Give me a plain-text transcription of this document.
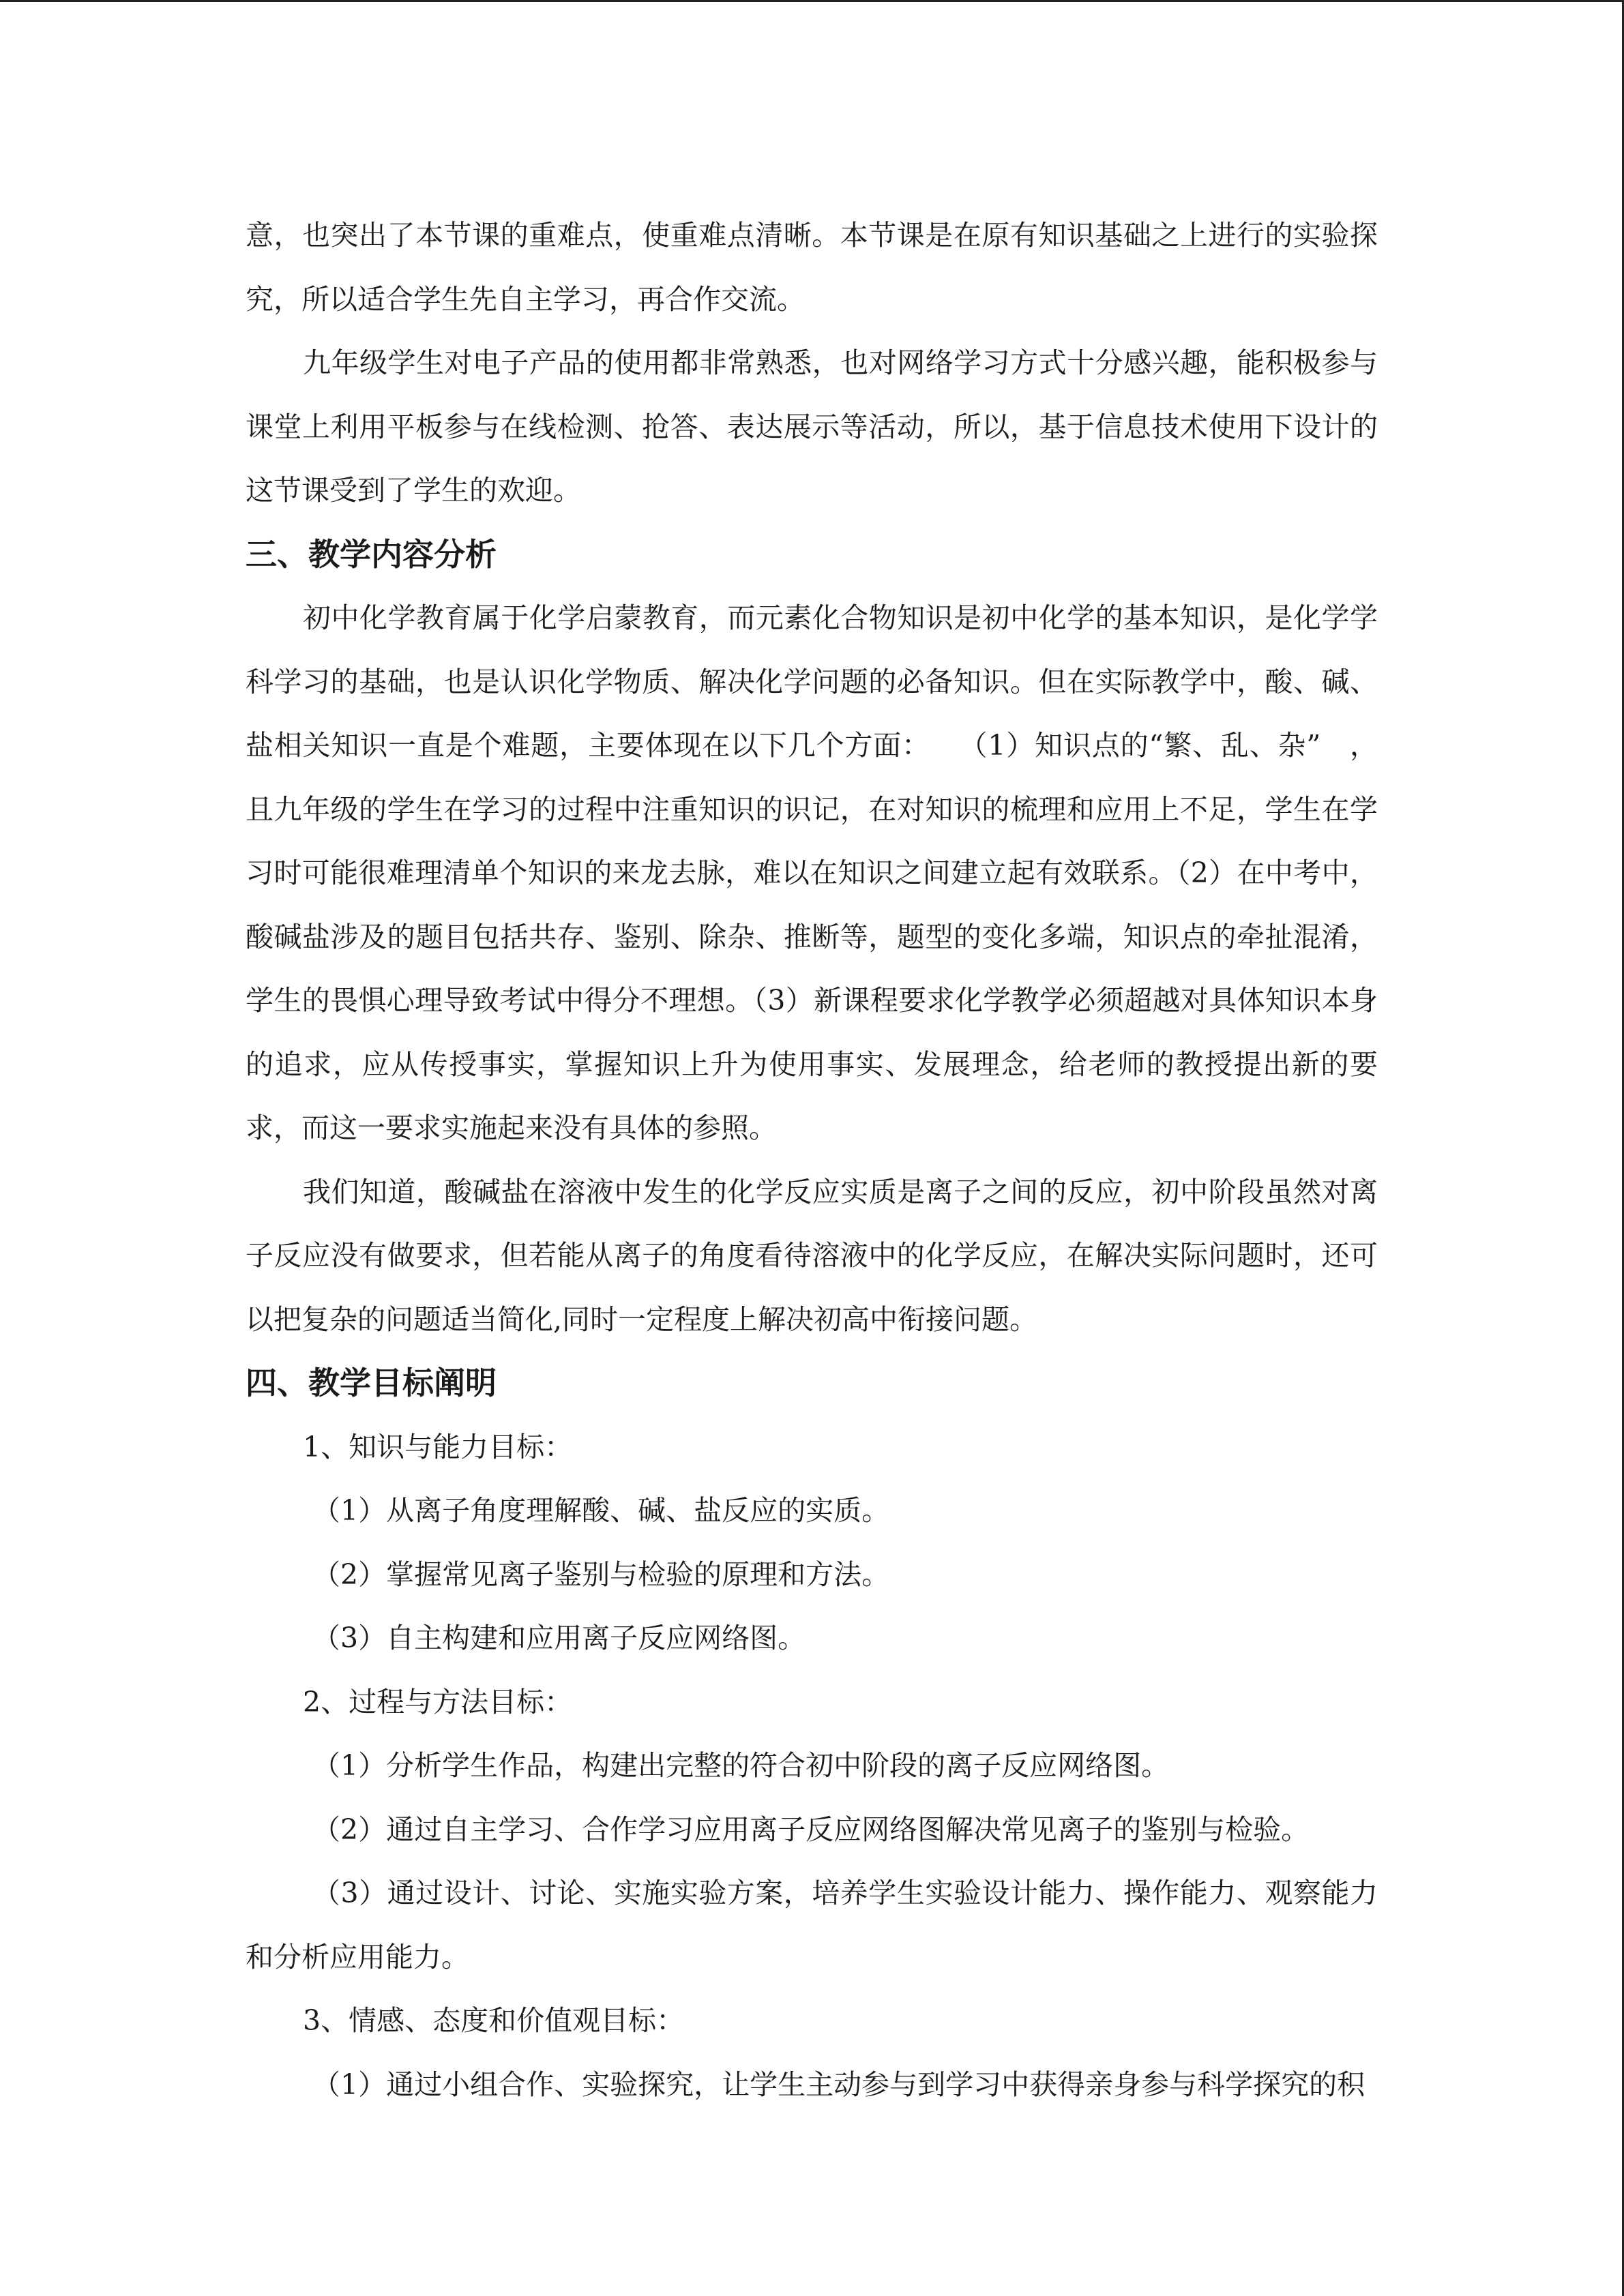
意，也突出了本节课的重难点，使重难点清晰。本节课是在原有知识基础之上进行的实验探究，所以适合学生先自主学习，再合作交流。

九年级学生对电子产品的使用都非常熟悉，也对网络学习方式十分感兴趣，能积极参与课堂上利用平板参与在线检测、抢答、表达展示等活动，所以，基于信息技术使用下设计的这节课受到了学生的欢迎。

三、教学内容分析

初中化学教育属于化学启蒙教育，而元素化合物知识是初中化学的基本知识，是化学学科学习的基础，也是认识化学物质、解决化学问题的必备知识。但在实际教学中，酸、碱、盐相关知识一直是个难题，主要体现在以下几个方面：　　（1）知识点的“繁、乱、杂”　，且九年级的学生在学习的过程中注重知识的识记，在对知识的梳理和应用上不足，学生在学习时可能很难理清单个知识的来龙去脉，难以在知识之间建立起有效联系。（2）在中考中，酸碱盐涉及的题目包括共存、鉴别、除杂、推断等，题型的变化多端，知识点的牵扯混淆，学生的畏惧心理导致考试中得分不理想。（3）新课程要求化学教学必须超越对具体知识本身的追求，应从传授事实，掌握知识上升为使用事实、发展理念，给老师的教授提出新的要求，而这一要求实施起来没有具体的参照。

我们知道，酸碱盐在溶液中发生的化学反应实质是离子之间的反应，初中阶段虽然对离子反应没有做要求，但若能从离子的角度看待溶液中的化学反应，在解决实际问题时，还可以把复杂的问题适当简化,同时一定程度上解决初高中衔接问题。

四、教学目标阐明

1、知识与能力目标：

（1）从离子角度理解酸、碱、盐反应的实质。

（2）掌握常见离子鉴别与检验的原理和方法。

（3）自主构建和应用离子反应网络图。

2、过程与方法目标：

（1）分析学生作品，构建出完整的符合初中阶段的离子反应网络图。

（2）通过自主学习、合作学习应用离子反应网络图解决常见离子的鉴别与检验。

（3）通过设计、讨论、实施实验方案，培养学生实验设计能力、操作能力、观察能力和分析应用能力。

3、情感、态度和价值观目标：

（1）通过小组合作、实验探究，让学生主动参与到学习中获得亲身参与科学探究的积
